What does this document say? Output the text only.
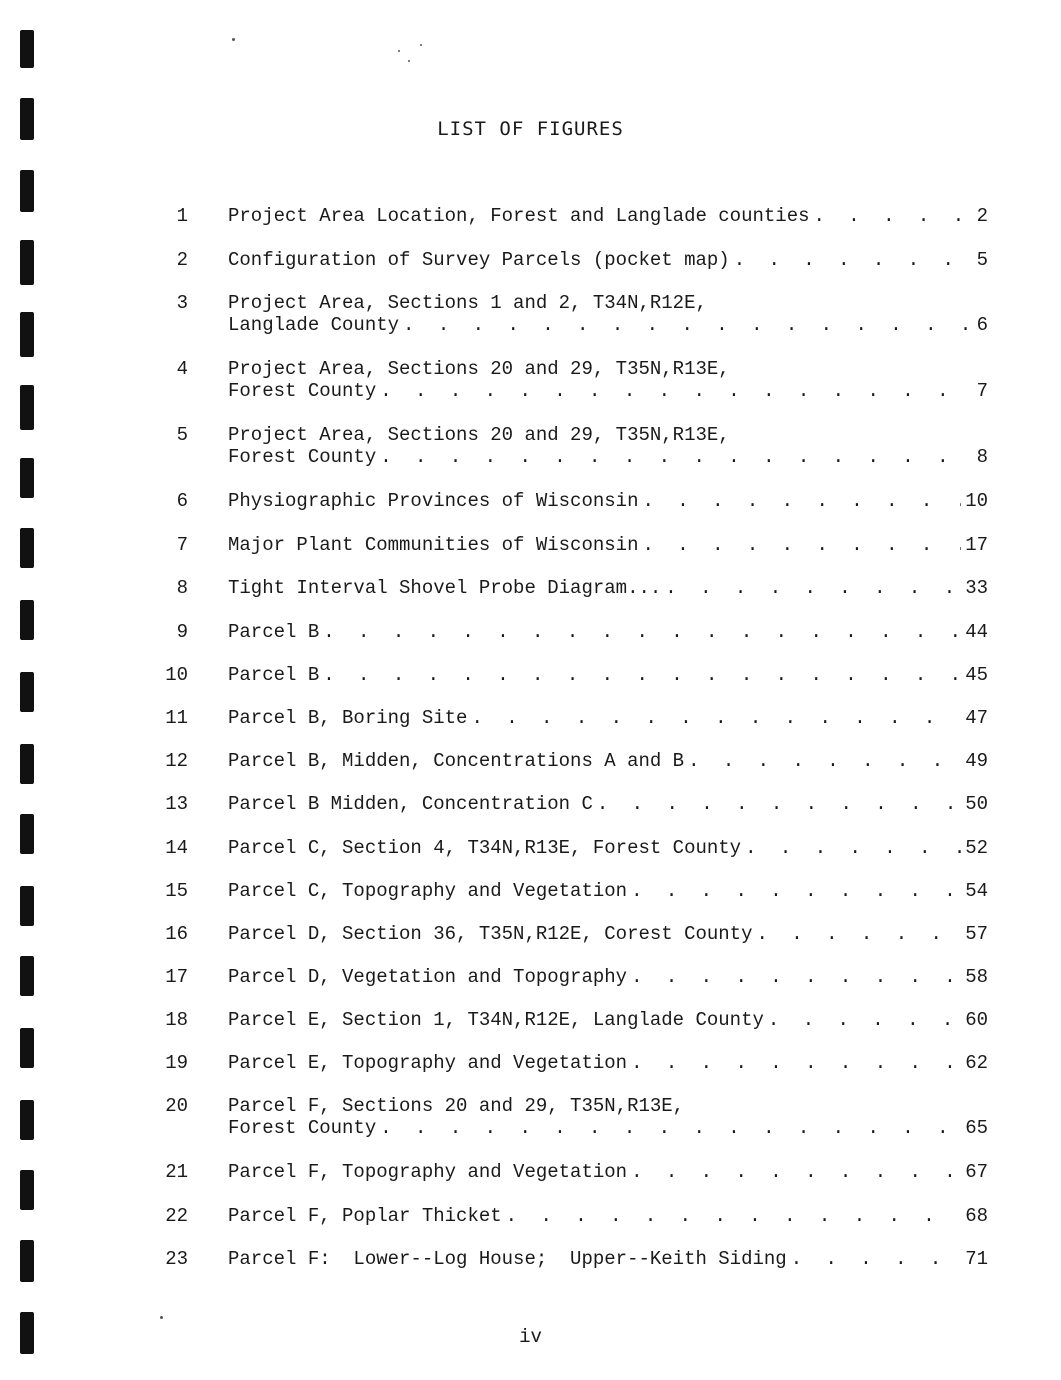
LIST OF FIGURES
1 Project Area Location, Forest and Langlade counties . . .	2
2 Configuration of Survey Parcels (pocket map) . . .	5
3 Project Area, Sections 1 and 2, T34N,R12E,
Langlade County . . .	6
4 Project Area, Sections 20 and 29, T35N,R13E,
Forest County . . .	7
5 Project Area, Sections 20 and 29, T35N,R13E,
Forest County . . .	8
6 Physiographic Provinces of Wisconsin . . .	10
7 Major Plant Communities of Wisconsin . . .	17
8 Tight Interval Shovel Probe Diagram... . . .	33
9 Parcel B . . .	44
10 Parcel B . . .	45
11 Parcel B, Boring Site . . .	47
12 Parcel B, Midden, Concentrations A and B . . .	49
13 Parcel B Midden, Concentration C . . .	50
14 Parcel C, Section 4, T34N,R13E, Forest County . . .	52
15 Parcel C, Topography and Vegetation . . .	54
16 Parcel D, Section 36, T35N,R12E, Corest County . . .	57
17 Parcel D, Vegetation and Topography . . .	58
18 Parcel E, Section 1, T34N,R12E, Langlade County . . .	60
19 Parcel E, Topography and Vegetation . . .	62
20 Parcel F, Sections 20 and 29, T35N,R13E,
Forest County . . .	65
21 Parcel F, Topography and Vegetation . . .	67
22 Parcel F, Poplar Thicket . . .	68
23 Parcel F:  Lower--Log House;  Upper--Keith Siding . . .	71
iv
